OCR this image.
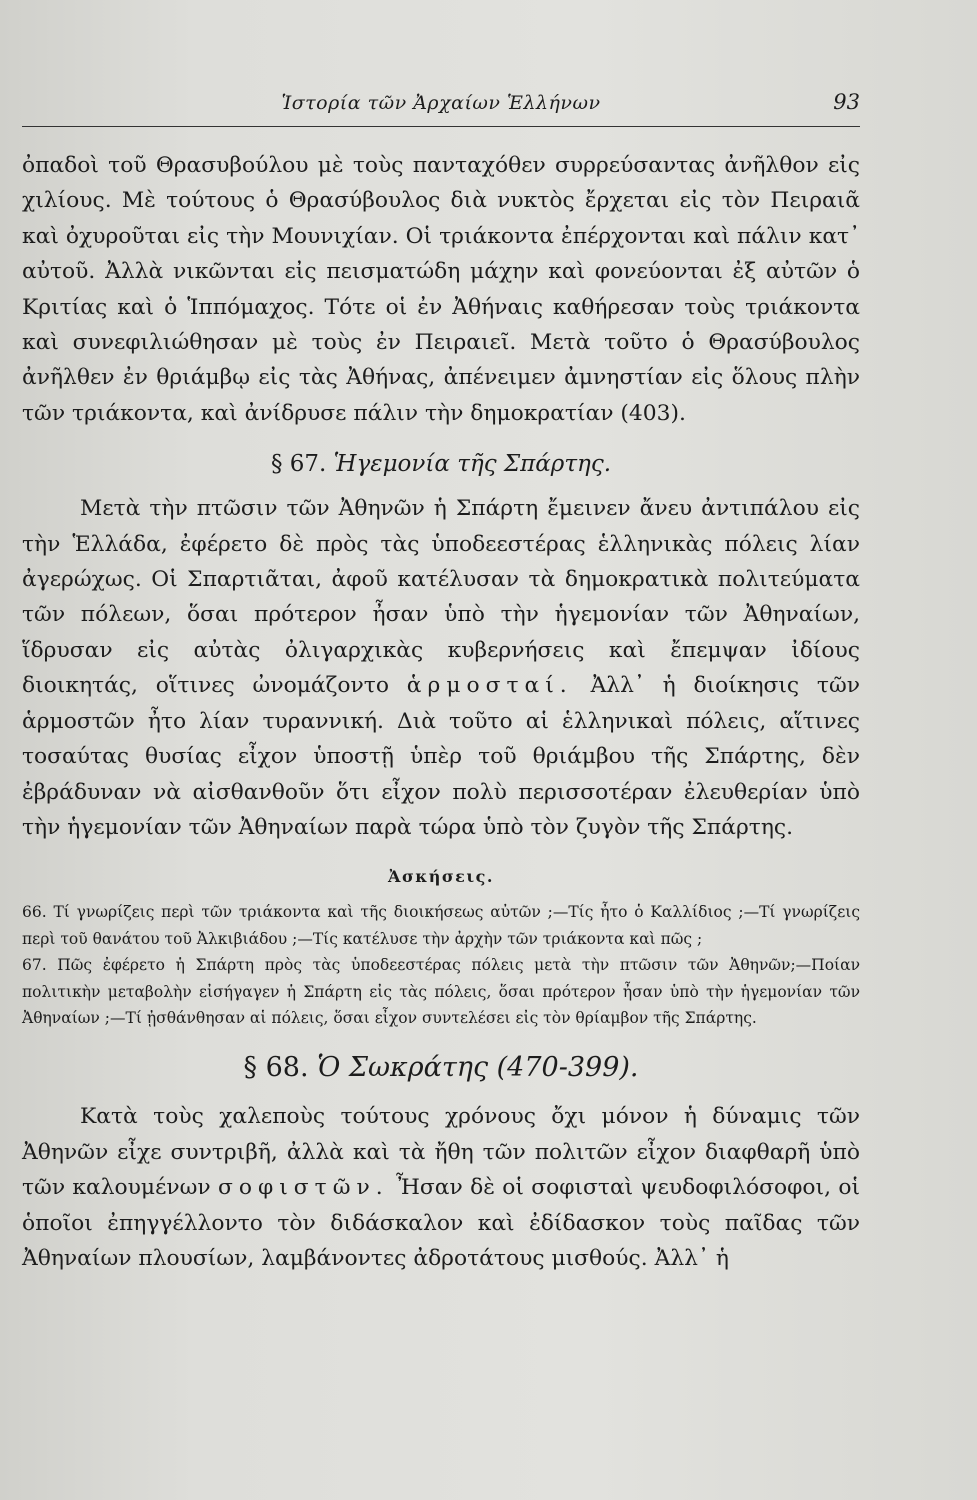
Ἱστορία τῶν Ἀρχαίων Ἑλλήνων	93

ὀπαδοὶ τοῦ Θρασυβούλου μὲ τοὺς πανταχόθεν συρρεύσαντας ἀνῆλθον εἰς χιλίους. Μὲ τούτους ὁ Θρασύβουλος διὰ νυκτὸς ἔρχεται εἰς τὸν Πειραιᾶ καὶ ὀχυροῦται εἰς τὴν Μουνιχίαν. Οἱ τριάκοντα ἐπέρχονται καὶ πάλιν κατ᾽ αὐτοῦ. Ἀλλὰ νικῶνται εἰς πεισματώδη μάχην καὶ φονεύονται ἐξ αὐτῶν ὁ Κριτίας καὶ ὁ Ἱππόμαχος. Τότε οἱ ἐν Ἀθήναις καθήρεσαν τοὺς τριάκοντα καὶ συνεφιλιώθησαν μὲ τοὺς ἐν Πειραιεῖ. Μετὰ τοῦτο ὁ Θρασύβουλος ἀνῆλθεν ἐν θριάμβῳ εἰς τὰς Ἀθήνας, ἀπένειμεν ἀμνηστίαν εἰς ὅλους πλὴν τῶν τριάκοντα, καὶ ἀνίδρυσε πάλιν τὴν δημοκρατίαν (403).

§ 67. Ἡγεμονία τῆς Σπάρτης.

Μετὰ τὴν πτῶσιν τῶν Ἀθηνῶν ἡ Σπάρτη ἔμεινεν ἄνευ ἀντιπάλου εἰς τὴν Ἑλλάδα, ἐφέρετο δὲ πρὸς τὰς ὑποδεεστέρας ἑλληνικὰς πόλεις λίαν ἀγερώχως. Οἱ Σπαρτιᾶται, ἀφοῦ κατέλυσαν τὰ δημοκρατικὰ πολιτεύματα τῶν πόλεων, ὅσαι πρότερον ἦσαν ὑπὸ τὴν ἡγεμονίαν τῶν Ἀθηναίων, ἵδρυσαν εἰς αὐτὰς ὀλιγαρχικὰς κυβερνήσεις καὶ ἔπεμψαν ἰδίους διοικητάς, οἵτινες ὠνομάζοντο ἁρμοσταί. Ἀλλ᾽ ἡ διοίκησις τῶν ἁρμοστῶν ἦτο λίαν τυραννική. Διὰ τοῦτο αἱ ἑλληνικαὶ πόλεις, αἵτινες τοσαύτας θυσίας εἶχον ὑποστῇ ὑπὲρ τοῦ θριάμβου τῆς Σπάρτης, δὲν ἐβράδυναν νὰ αἰσθανθοῦν ὅτι εἶχον πολὺ περισσοτέραν ἐλευθερίαν ὑπὸ τὴν ἡγεμονίαν τῶν Ἀθηναίων παρὰ τώρα ὑπὸ τὸν ζυγὸν τῆς Σπάρτης.

Ἀσκήσεις.

66. Τί γνωρίζεις περὶ τῶν τριάκοντα καὶ τῆς διοικήσεως αὐτῶν ;—Τίς ἦτο ὁ Καλλίδιος ;—Τί γνωρίζεις περὶ τοῦ θανάτου τοῦ Ἀλκιβιάδου ;—Τίς κατέλυσε τὴν ἀρχὴν τῶν τριάκοντα καὶ πῶς ;

67. Πῶς ἐφέρετο ἡ Σπάρτη πρὸς τὰς ὑποδεεστέρας πόλεις μετὰ τὴν πτῶσιν τῶν Ἀθηνῶν;—Ποίαν πολιτικὴν μεταβολὴν εἰσήγαγεν ἡ Σπάρτη εἰς τὰς πόλεις, ὅσαι πρότερον ἦσαν ὑπὸ τὴν ἡγεμονίαν τῶν Ἀθηναίων ;—Τί ᾐσθάνθησαν αἱ πόλεις, ὅσαι εἶχον συντελέσει εἰς τὸν θρίαμβον τῆς Σπάρτης.

§ 68. Ὁ Σωκράτης (470-399).

Κατὰ τοὺς χαλεποὺς τούτους χρόνους ὄχι μόνον ἡ δύναμις τῶν Ἀθηνῶν εἶχε συντριβῆ, ἀλλὰ καὶ τὰ ἤθη τῶν πολιτῶν εἶχον διαφθαρῆ ὑπὸ τῶν καλουμένων σοφιστῶν. Ἦσαν δὲ οἱ σοφισταὶ ψευδοφιλόσοφοι, οἱ ὁποῖοι ἐπηγγέλλοντο τὸν διδάσκαλον καὶ ἐδίδασκον τοὺς παῖδας τῶν Ἀθηναίων πλουσίων, λαμβάνοντες ἀδροτάτους μισθούς. Ἀλλ᾽ ἡ
